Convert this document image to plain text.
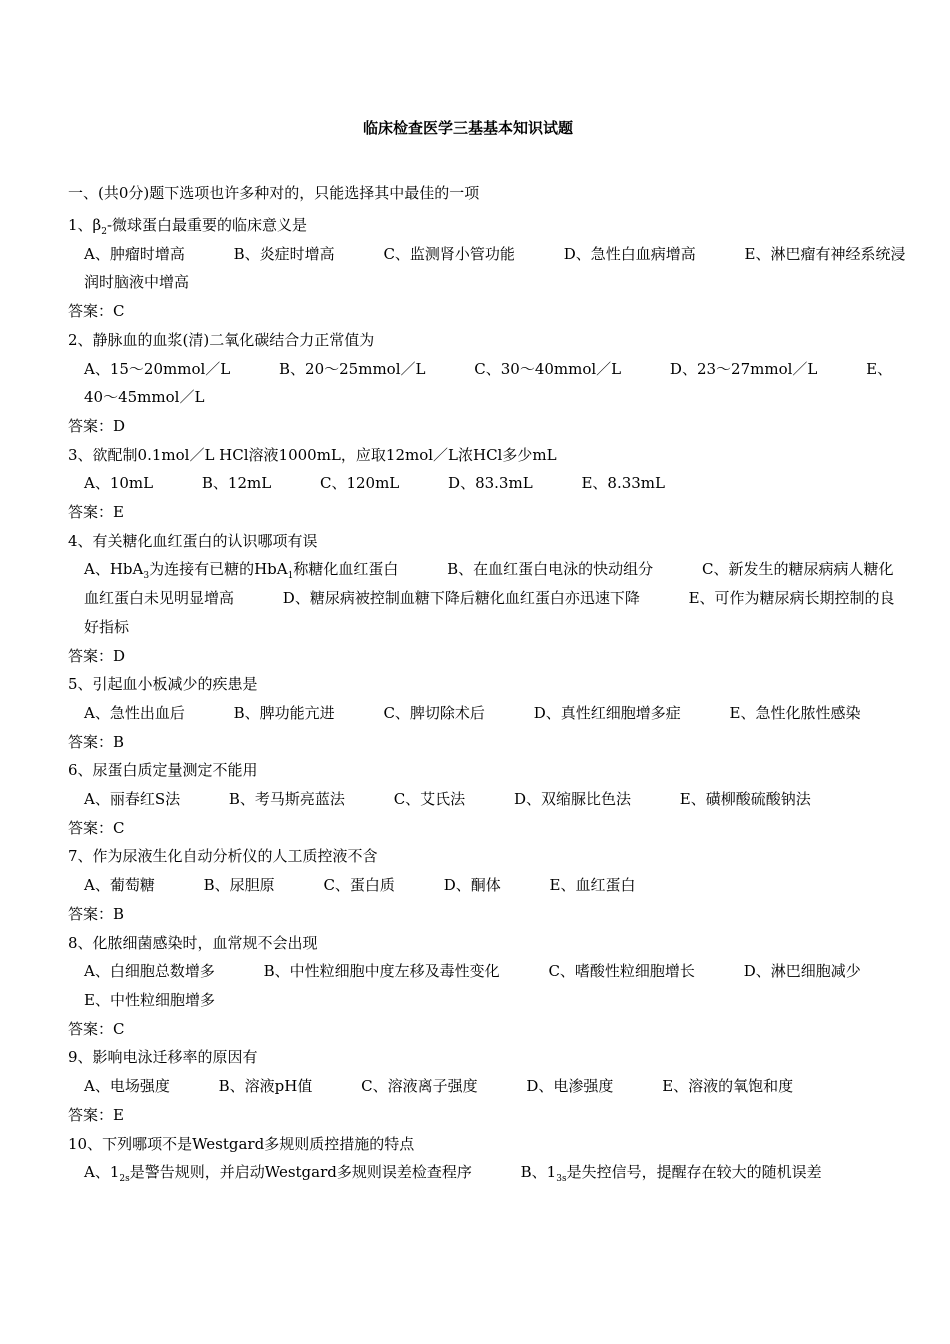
临床检查医学三基基本知识试题
一、(共0分)题下选项也许多种对的，只能选择其中最佳的一项
1、$\beta_2-$微球蛋白最重要的临床意义是
A、肿瘤时增高	B、炎症时增高	C、监测肾小管功能	D、急性白血病增高	E、淋巴瘤有神经系统浸润时脑液中增高
答案：C
2、静脉血的血浆(清)二氧化碳结合力正常值为
A、15～20mmol／L	B、20～25mmol／L	C、30～40mmol／L	D、23～27mmol／L	E、40～45mmol／L
答案：D
3、欲配制0.1mol／L HCl溶液1000mL，应取12mol／L浓HCl多少mL
A、10mL	B、12mL	C、120mL	D、83.3mL	E、8.33mL
答案：E
4、有关糖化血红蛋白的认识哪项有误
A、HbA$_3$为连接有已糖的HbA$_1$称糖化血红蛋白	B、在血红蛋白电泳的快动组分	C、新发生的糖尿病病人糖化血红蛋白未见明显增高	D、糖尿病被控制血糖下降后糖化血红蛋白亦迅速下降	E、可作为糖尿病长期控制的良好指标
答案：D
5、引起血小板减少的疾患是
A、急性出血后	B、脾功能亢进	C、脾切除术后	D、真性红细胞增多症	E、急性化脓性感染
答案：B
6、尿蛋白质定量测定不能用
A、丽春红S法	B、考马斯亮蓝法	C、艾氏法	D、双缩脲比色法	E、磺柳酸硫酸钠法
答案：C
7、作为尿液生化自动分析仪的人工质控液不含
A、葡萄糖	B、尿胆原	C、蛋白质	D、酮体	E、血红蛋白
答案：B
8、化脓细菌感染时，血常规不会出现
A、白细胞总数增多	B、中性粒细胞中度左移及毒性变化	C、嗜酸性粒细胞增长	D、淋巴细胞减少 E、中性粒细胞增多
答案：C
9、影响电泳迁移率的原因有
A、电场强度	B、溶液pH值	C、溶液离子强度	D、电渗强度	E、溶液的氧饱和度
答案：E
10、下列哪项不是Westgard多规则质控措施的特点
A、$1_{2s}$是警告规则，并启动Westgard多规则误差检查程序	B、$1_{3s}$是失控信号，提醒存在较大的随机误差
